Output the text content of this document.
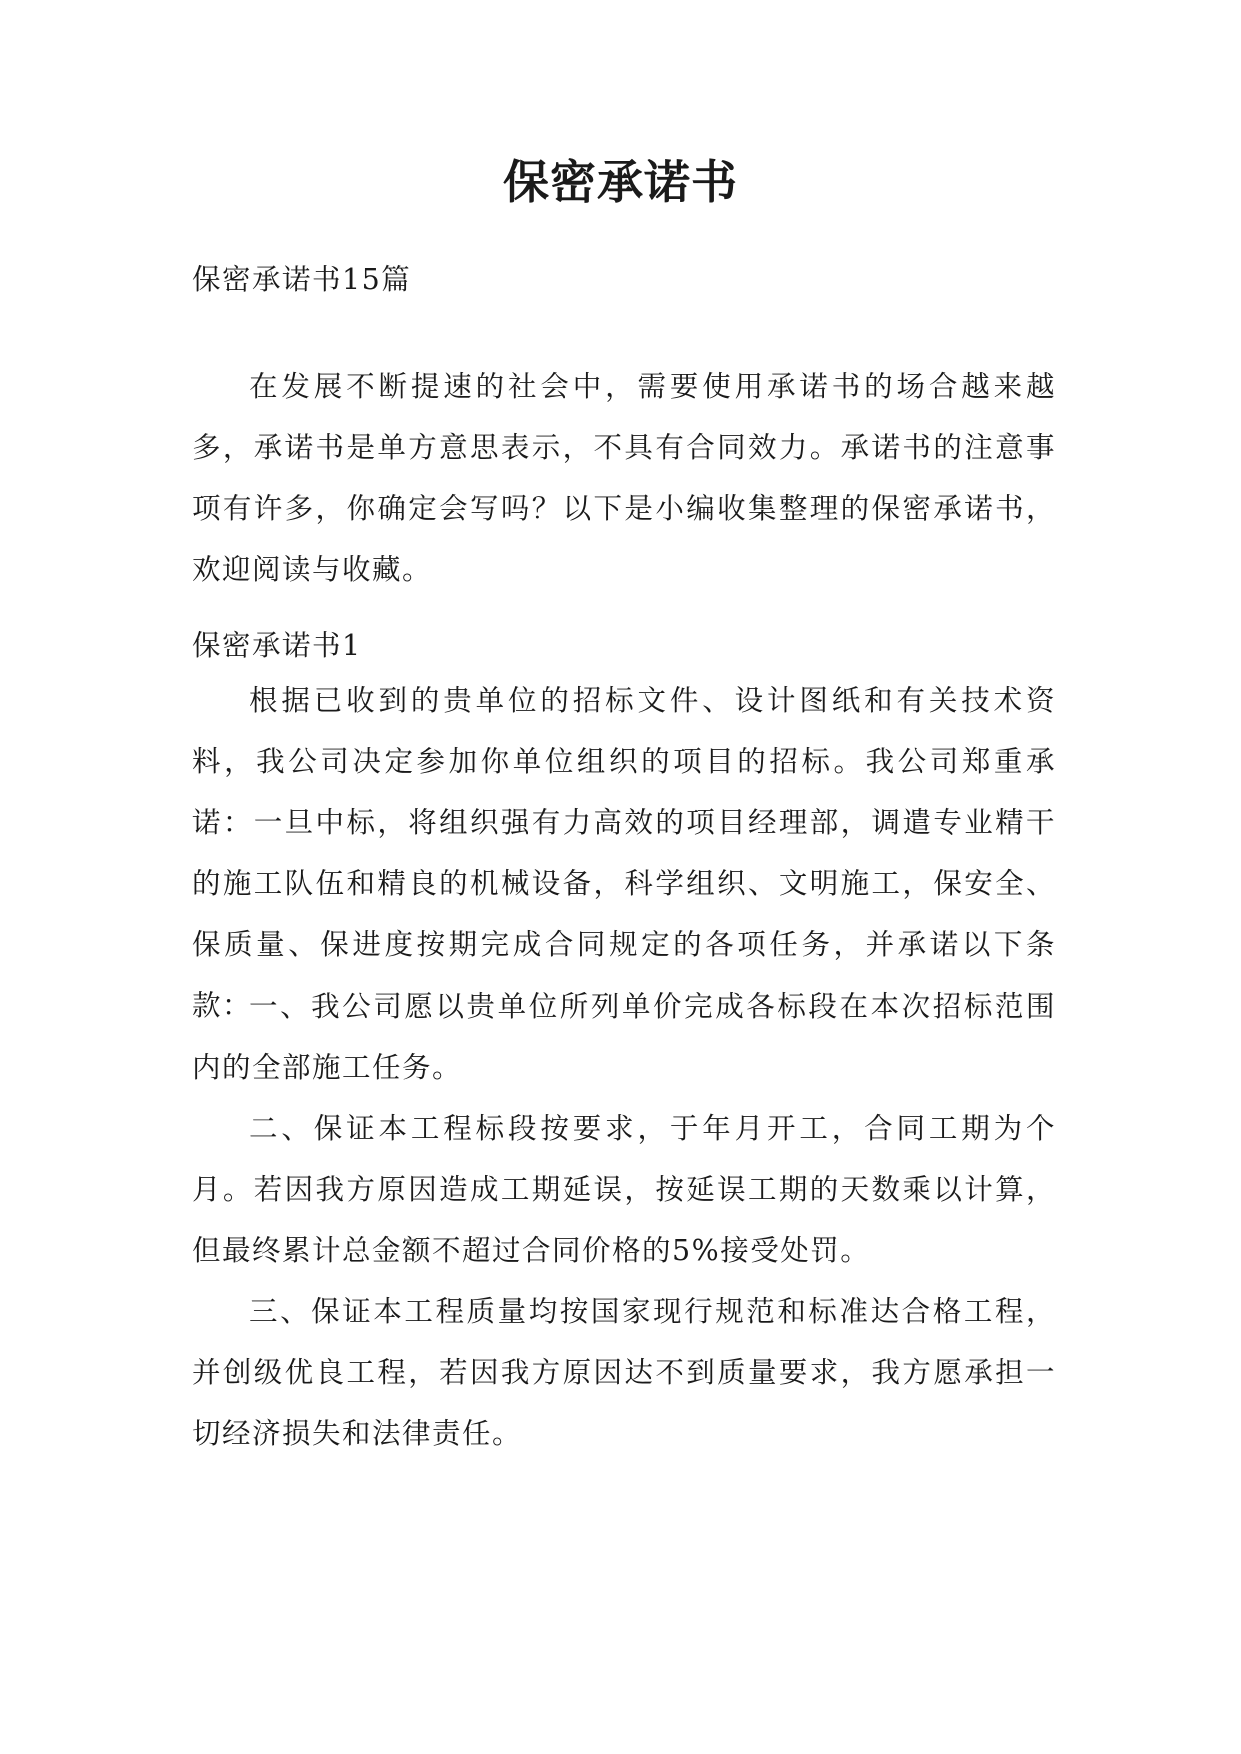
保密承诺书

保密承诺书15篇

在发展不断提速的社会中，需要使用承诺书的场合越来越多，承诺书是单方意思表示，不具有合同效力。承诺书的注意事项有许多，你确定会写吗？以下是小编收集整理的保密承诺书，欢迎阅读与收藏。

保密承诺书1

根据已收到的贵单位的招标文件、设计图纸和有关技术资料，我公司决定参加你单位组织的项目的招标。我公司郑重承诺：一旦中标，将组织强有力高效的项目经理部，调遣专业精干的施工队伍和精良的机械设备，科学组织、文明施工，保安全、保质量、保进度按期完成合同规定的各项任务，并承诺以下条款：

一、我公司愿以贵单位所列单价完成各标段在本次招标范围内的全部施工任务。

二、保证本工程标段按要求，于年月开工，合同工期为个月。若因我方原因造成工期延误，按延误工期的天数乘以计算，但最终累计总金额不超过合同价格的5%接受处罚。

三、保证本工程质量均按国家现行规范和标准达合格工程，并创级优良工程，若因我方原因达不到质量要求，我方愿承担一切经济损失和法律责任。
